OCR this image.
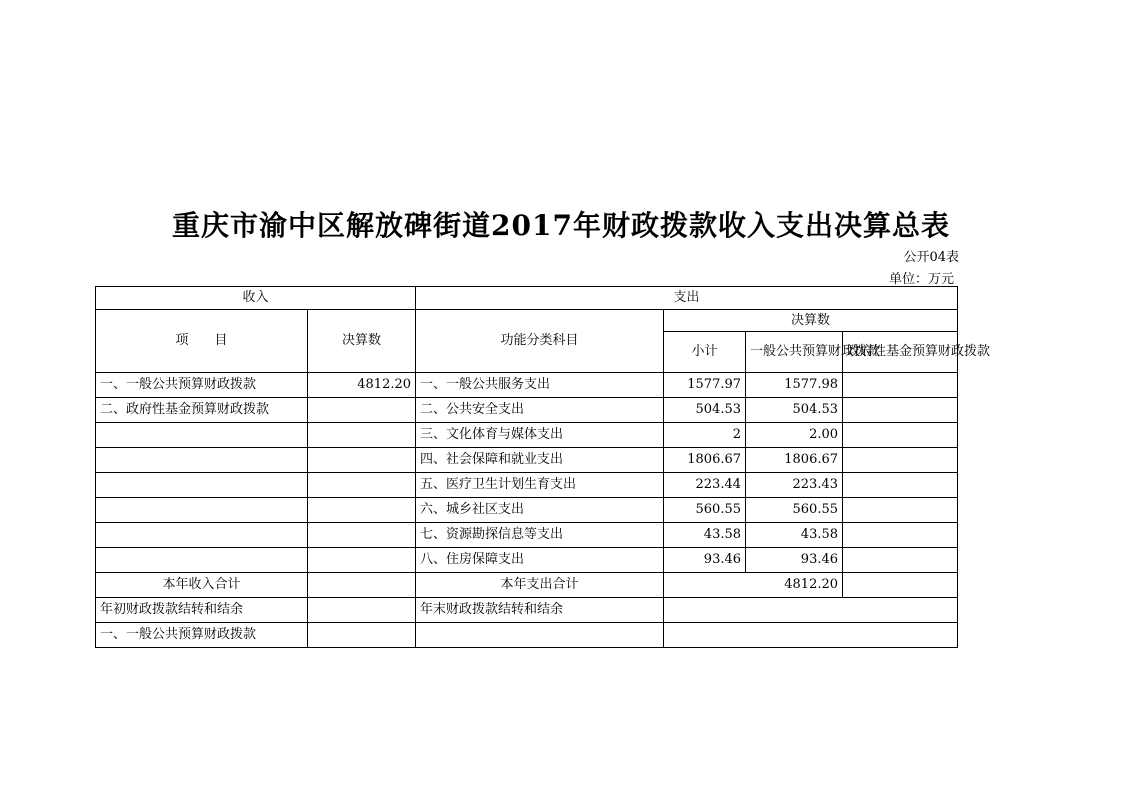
重庆市渝中区解放碑街道2017年财政拨款收入支出决算总表
公开04表
单位：万元
收入		支出			
项　　目	决算数	功能分类科目	决算数		
			小计	一般公共预算财政拨款	政府性基金预算财政拨款
一、一般公共预算财政拨款	4812.20	一、一般公共服务支出	1577.97	1577.98	
二、政府性基金预算财政拨款		二、公共安全支出	504.53	504.53	
		三、文化体育与媒体支出	2	2.00	
		四、社会保障和就业支出	1806.67	1806.67	
		五、医疗卫生计划生育支出	223.44	223.43	
		六、城乡社区支出	560.55	560.55	
		七、资源勘探信息等支出	43.58	43.58	
		八、住房保障支出	93.46	93.46	
本年收入合计		本年支出合计	4812.20		
年初财政拨款结转和结余		年末财政拨款结转和结余			
一、一般公共预算财政拨款					
